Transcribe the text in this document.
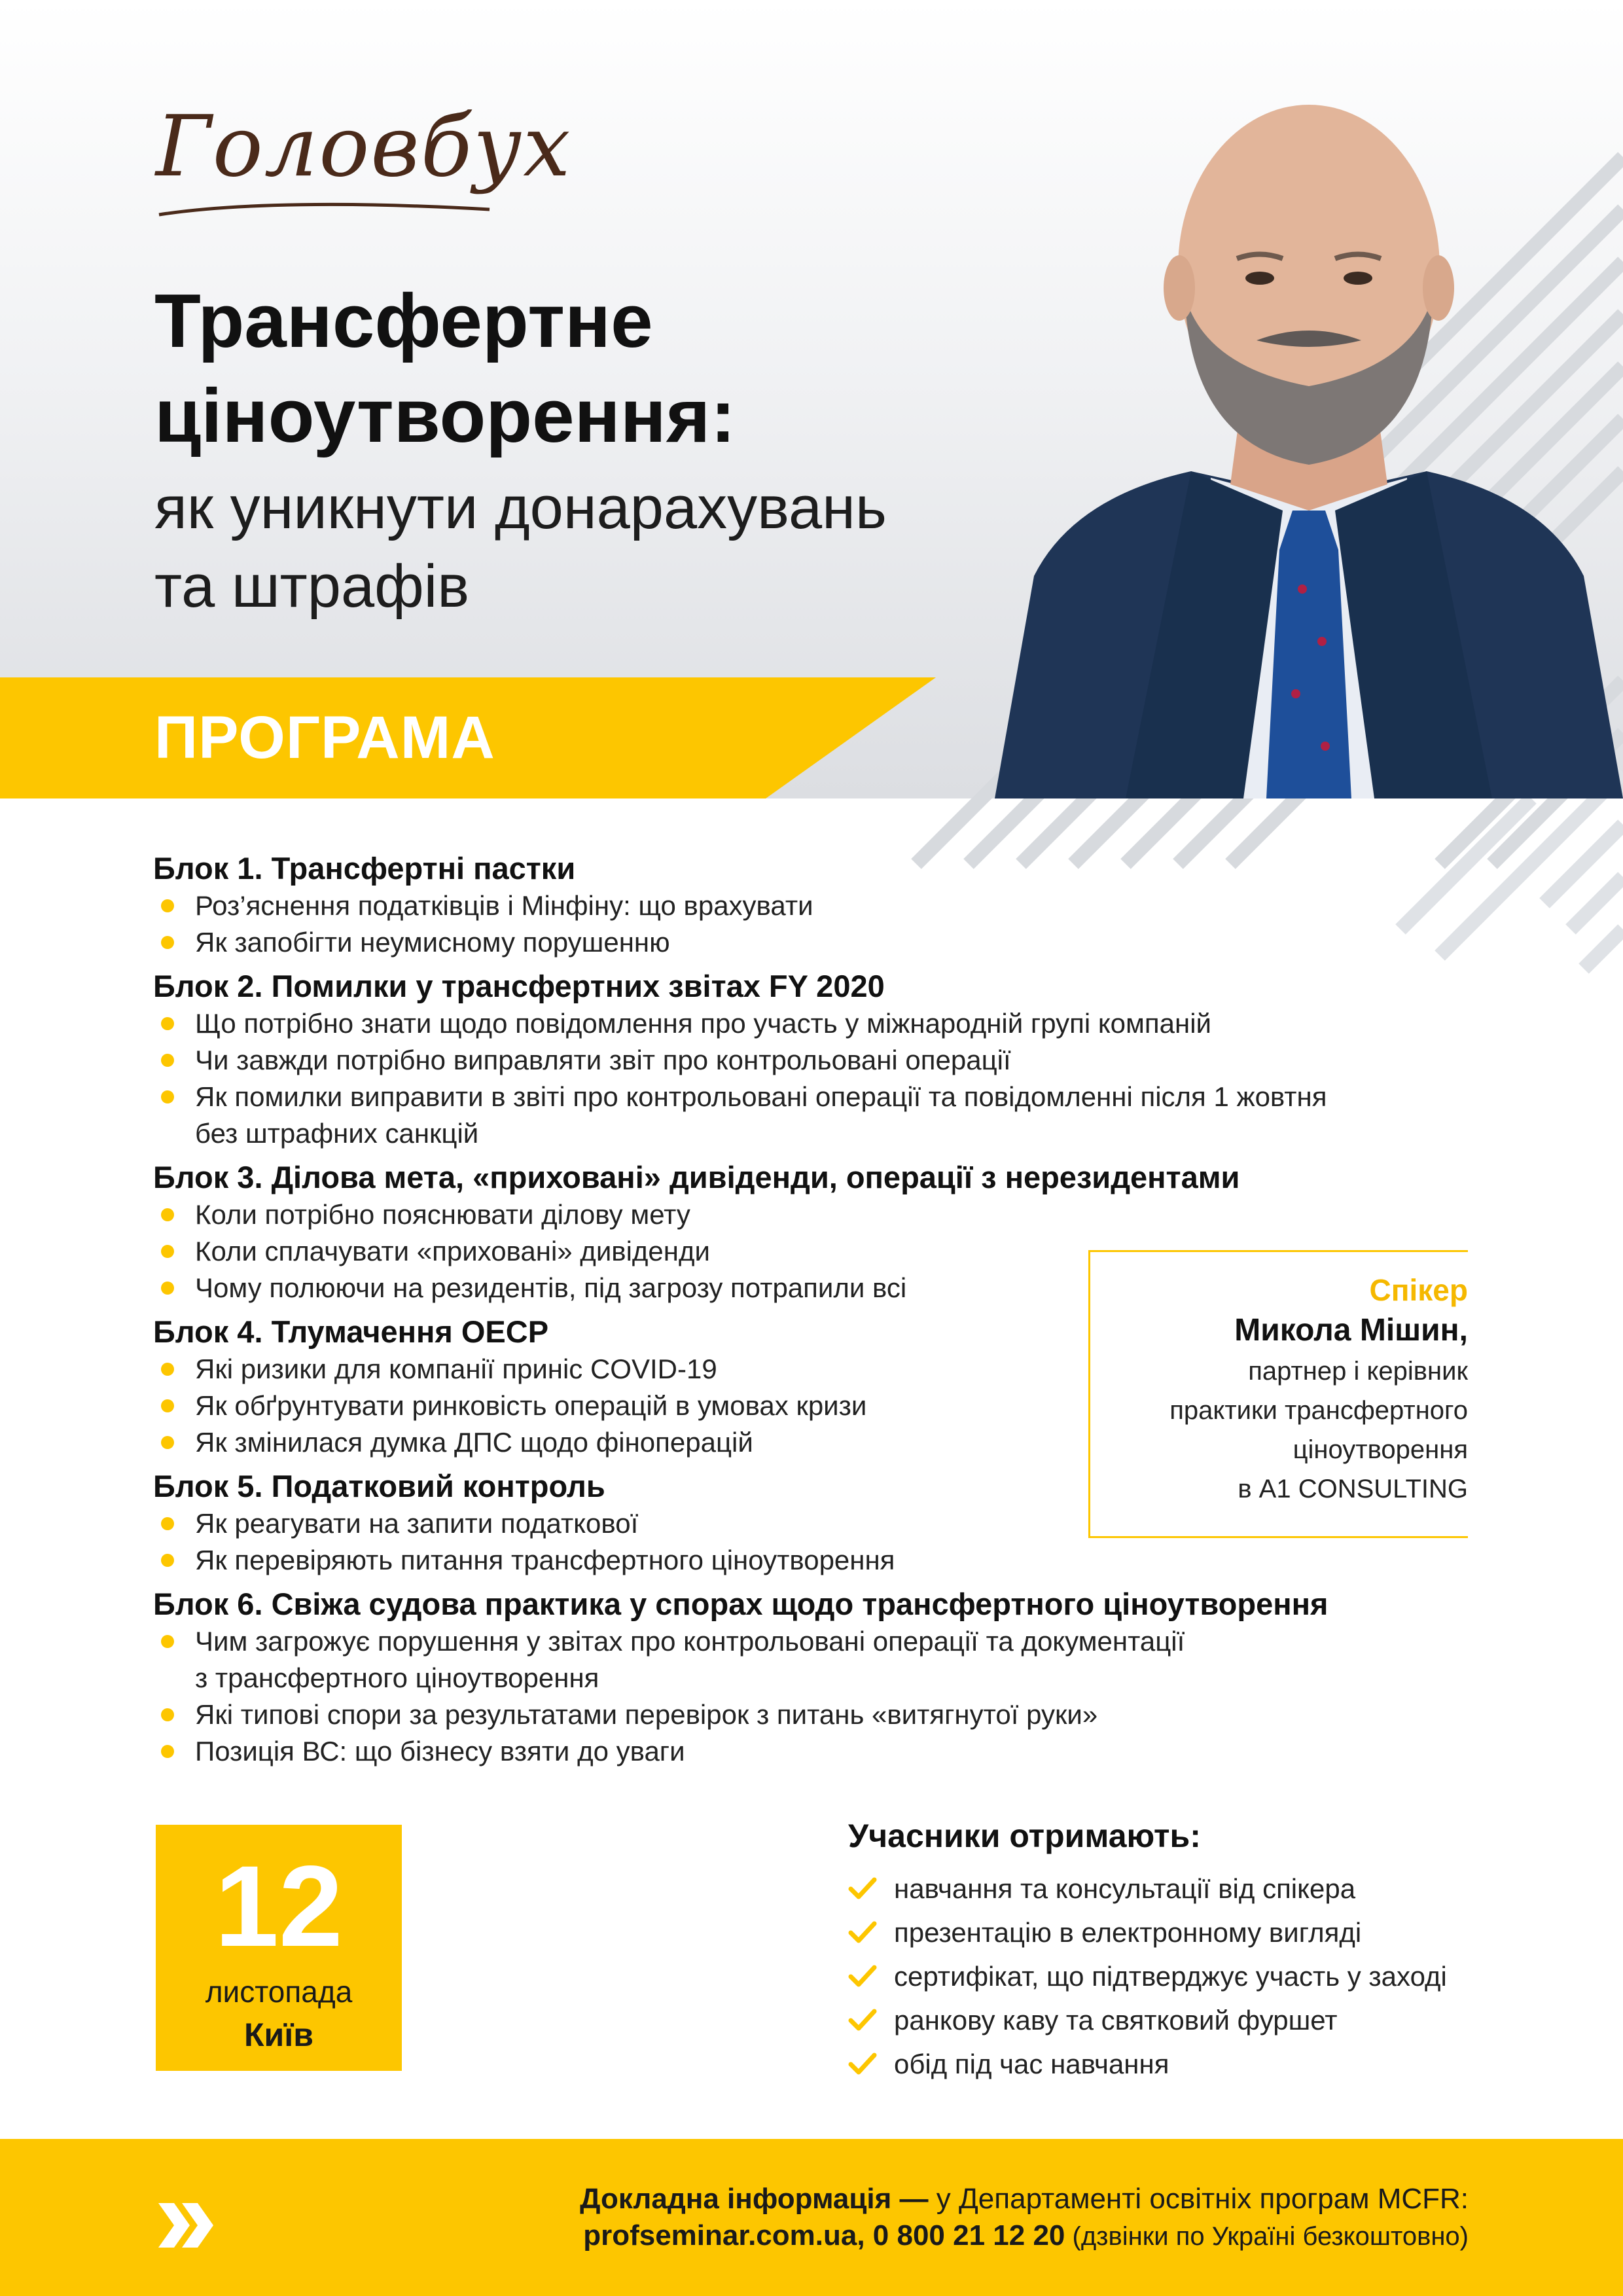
ПРОГРАМА
Головбух
Трансфертне
ціноутворення:
як уникнути донарахувань
та штрафів
Блок 1. Трансфертні пастки
Роз’яснення податківців і Мінфіну: що врахувати
Як запобігти неумисному порушенню
Блок 2. Помилки у трансфертних звітах FY 2020
Що потрібно знати щодо повідомлення про участь у міжнародній групі компаній
Чи завжди потрібно виправляти звіт про контрольовані операції
Як помилки виправити в звіті про контрольовані операції та повідомленні після 1 жовтня
без штрафних санкцій
Блок 3. Ділова мета, «приховані» дивіденди, операції з нерезидентами
Коли потрібно пояснювати ділову мету
Коли сплачувати «приховані» дивіденди
Чому полюючи на резидентів, під загрозу потрапили всі
Блок 4. Тлумачення ОЕСР
Які ризики для компанії приніс COVID-19
Як обґрунтувати ринковість операцій в умовах кризи
Як змінилася думка ДПС щодо фіноперацій
Блок 5. Податковий контроль
Як реагувати на запити податкової
Як перевіряють питання трансфертного ціноутворення
Блок 6. Свіжа судова практика у спорах щодо трансфертного ціноутворення
Чим загрожує порушення у звітах про контрольовані операції та документації
з трансфертного ціноутворення
Які типові спори за результатами перевірок з питань «витягнутої руки»
Позиція ВС: що бізнесу взяти до уваги
Спікер
Микола Мішин,
партнер і керівник
практики трансфертного
ціноутворення
в А1 CONSULTING
12
листопада
Київ
Учасники отримають:
навчання та консультації від спікера
презентацію в електронному вигляді
сертифікат, що підтверджує участь у заході
ранкову каву та святковий фуршет
обід під час навчання
Докладна інформація — у Департаменті освітніх програм MCFR:
profseminar.com.ua, 0 800 21 12 20 (дзвінки по Україні безкоштовно)
